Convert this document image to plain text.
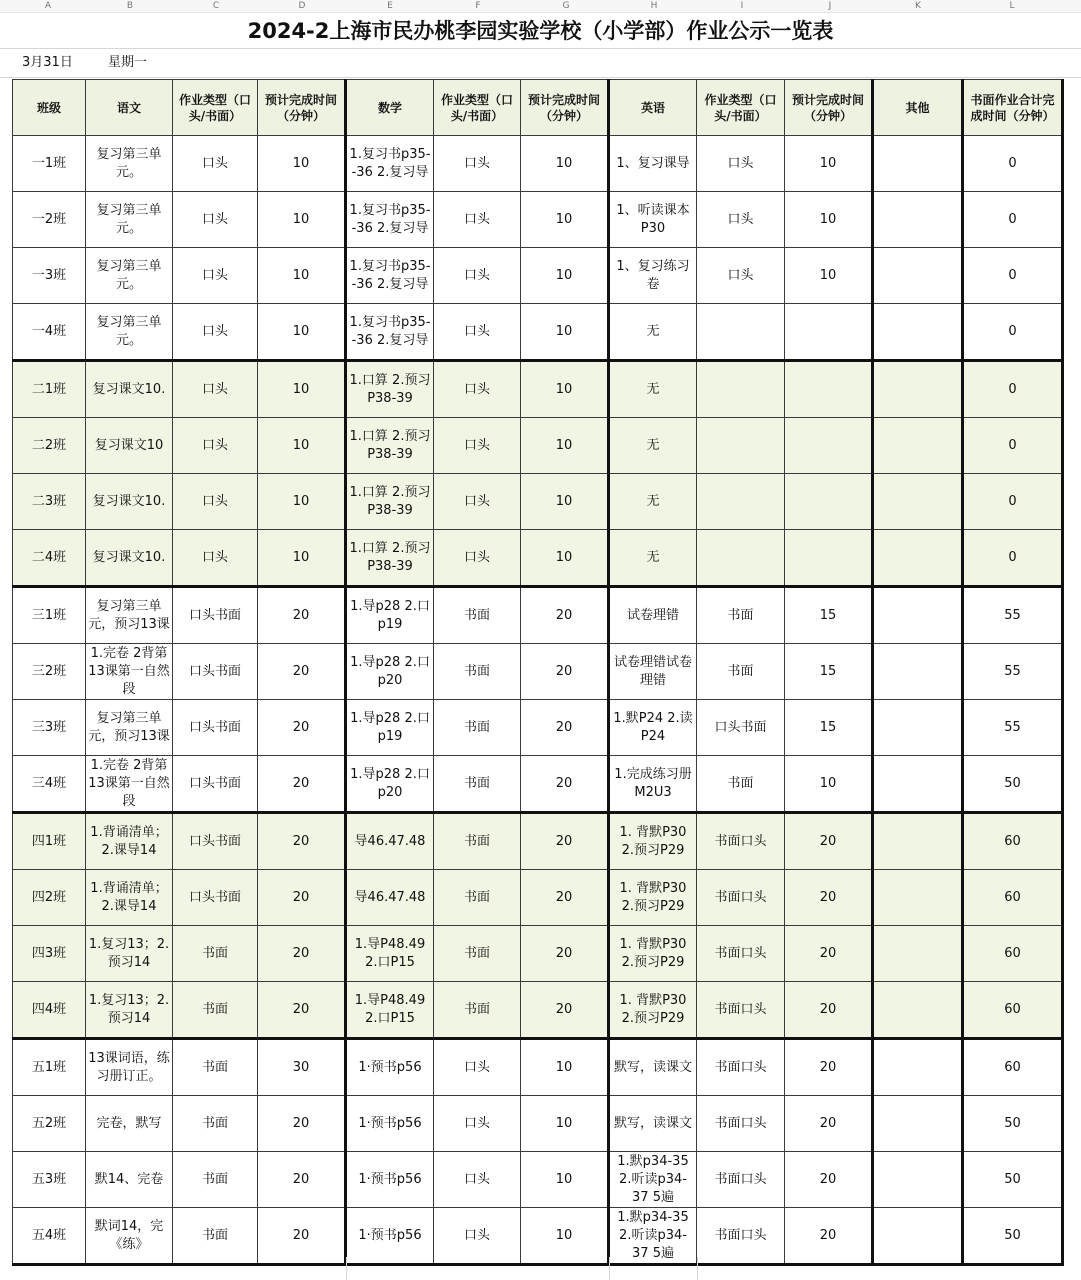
A	B	C	D	E	F	G	H	I	J	K	L
2024-2上海市民办桃李园实验学校（小学部）作业公示一览表
3月31日	星期一
班级	语文	作业类型（口头/书面）	预计完成时间（分钟）	数学	作业类型（口头/书面）	预计完成时间（分钟）	英语	作业类型（口头/书面）	预计完成时间（分钟）	其他	书面作业合计完成时间（分钟）

一1班	复习第三单元。	口头	10	1.复习书p35--36 2.复习导	口头	10	1、复习课导	口头	10		0

一2班	复习第三单元。	口头	10	1.复习书p35--36 2.复习导	口头	10	1、听读课本P30	口头	10		0

一3班	复习第三单元。	口头	10	1.复习书p35--36 2.复习导	口头	10	1、复习练习卷	口头	10		0

一4班	复习第三单元。	口头	10	1.复习书p35--36 2.复习导	口头	10	无				0

二1班	复习课文10.	口头	10	1.口算 2.预习P38-39	口头	10	无				0

二2班	复习课文10	口头	10	1.口算 2.预习P38-39	口头	10	无				0

二3班	复习课文10.	口头	10	1.口算 2.预习P38-39	口头	10	无				0

二4班	复习课文10.	口头	10	1.口算 2.预习P38-39	口头	10	无				0

三1班	复习第三单元，预习13课	口头书面	20	1.导p28 2.口p19	书面	20	试卷理错	书面	15		55

三2班	1.完卷 2背第13课第一自然段	口头书面	20	1.导p28 2.口p20	书面	20	试卷理错试卷理错	书面	15		55

三3班	复习第三单元，预习13课	口头书面	20	1.导p28 2.口p19	书面	20	1.默P24 2.读P24	口头书面	15		55

三4班	1.完卷 2背第13课第一自然段	口头书面	20	1.导p28 2.口p20	书面	20	1.完成练习册M2U3	书面	10		50

四1班	1.背诵清单；2.课导14	口头书面	20	导46.47.48	书面	20	1. 背默P30 2.预习P29	书面口头	20		60

四2班	1.背诵清单；2.课导14	口头书面	20	导46.47.48	书面	20	1. 背默P30 2.预习P29	书面口头	20		60

四3班	1.复习13；2.预习14	书面	20	1.导P48.49 2.口P15	书面	20	1. 背默P30 2.预习P29	书面口头	20		60

四4班	1.复习13；2.预习14	书面	20	1.导P48.49 2.口P15	书面	20	1. 背默P30 2.预习P29	书面口头	20		60

五1班	13课词语，练习册订正。	书面	30	1·预书p56	口头	10	默写，读课文	书面口头	20		60

五2班	完卷，默写	书面	20	1·预书p56	口头	10	默写，读课文	书面口头	20		50

五3班	默14、完卷	书面	20	1·预书p56	口头	10	1.默p34-35 2.听读p34-37 5遍	书面口头	20		50

五4班	默词14，完《练》	书面	20	1·预书p56	口头	10	1.默p34-35 2.听读p34-37 5遍	书面口头	20		50
